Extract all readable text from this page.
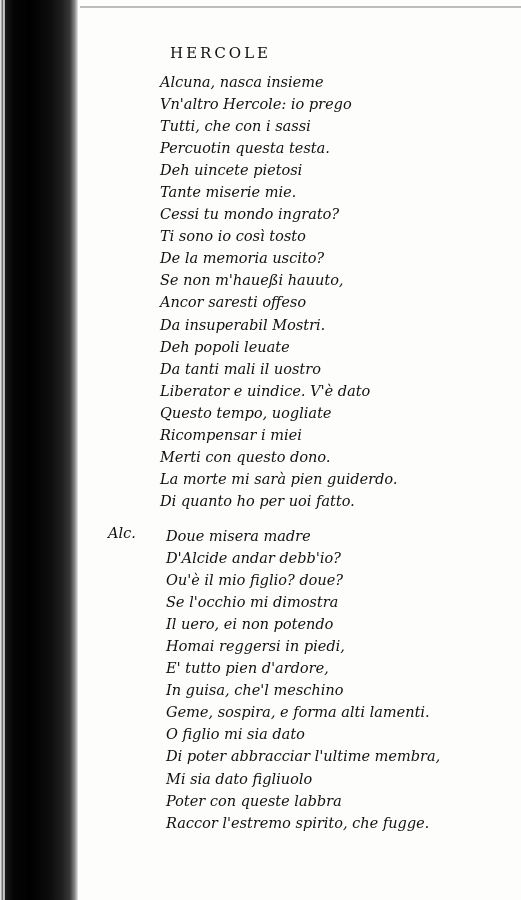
HERCOLE
Alcuna, nasca insieme
Vn'altro Hercole: io prego
Tutti, che con i sassi
Percuotin questa testa.
Deh uincete pietosi
Tante miserie mie.
Cessi tu mondo ingrato?
Ti sono io così tosto
De la memoria uscito?
Se non m'haueßi hauuto,
Ancor saresti offeso
Da insuperabil Mostri.
Deh popoli leuate
Da tanti mali il uostro
Liberator e uindice. V'è dato
Questo tempo, uogliate
Ricompensar i miei
Merti con questo dono.
La morte mi sarà pien guiderdo.
Di quanto ho per uoi fatto.
Alc.	Doue misera madre
D'Alcide andar debb'io?
Ou'è il mio figlio? doue?
Se l'occhio mi dimostra
Il uero, ei non potendo
Homai reggersi in piedi,
E' tutto pien d'ardore,
In guisa, che'l meschino
Geme, sospira, e forma alti lamenti.
O figlio mi sia dato
Di poter abbracciar l'ultime membra,
Mi sia dato figliuolo
Poter con queste labbra
Raccor l'estremo spirito, che fugge.
